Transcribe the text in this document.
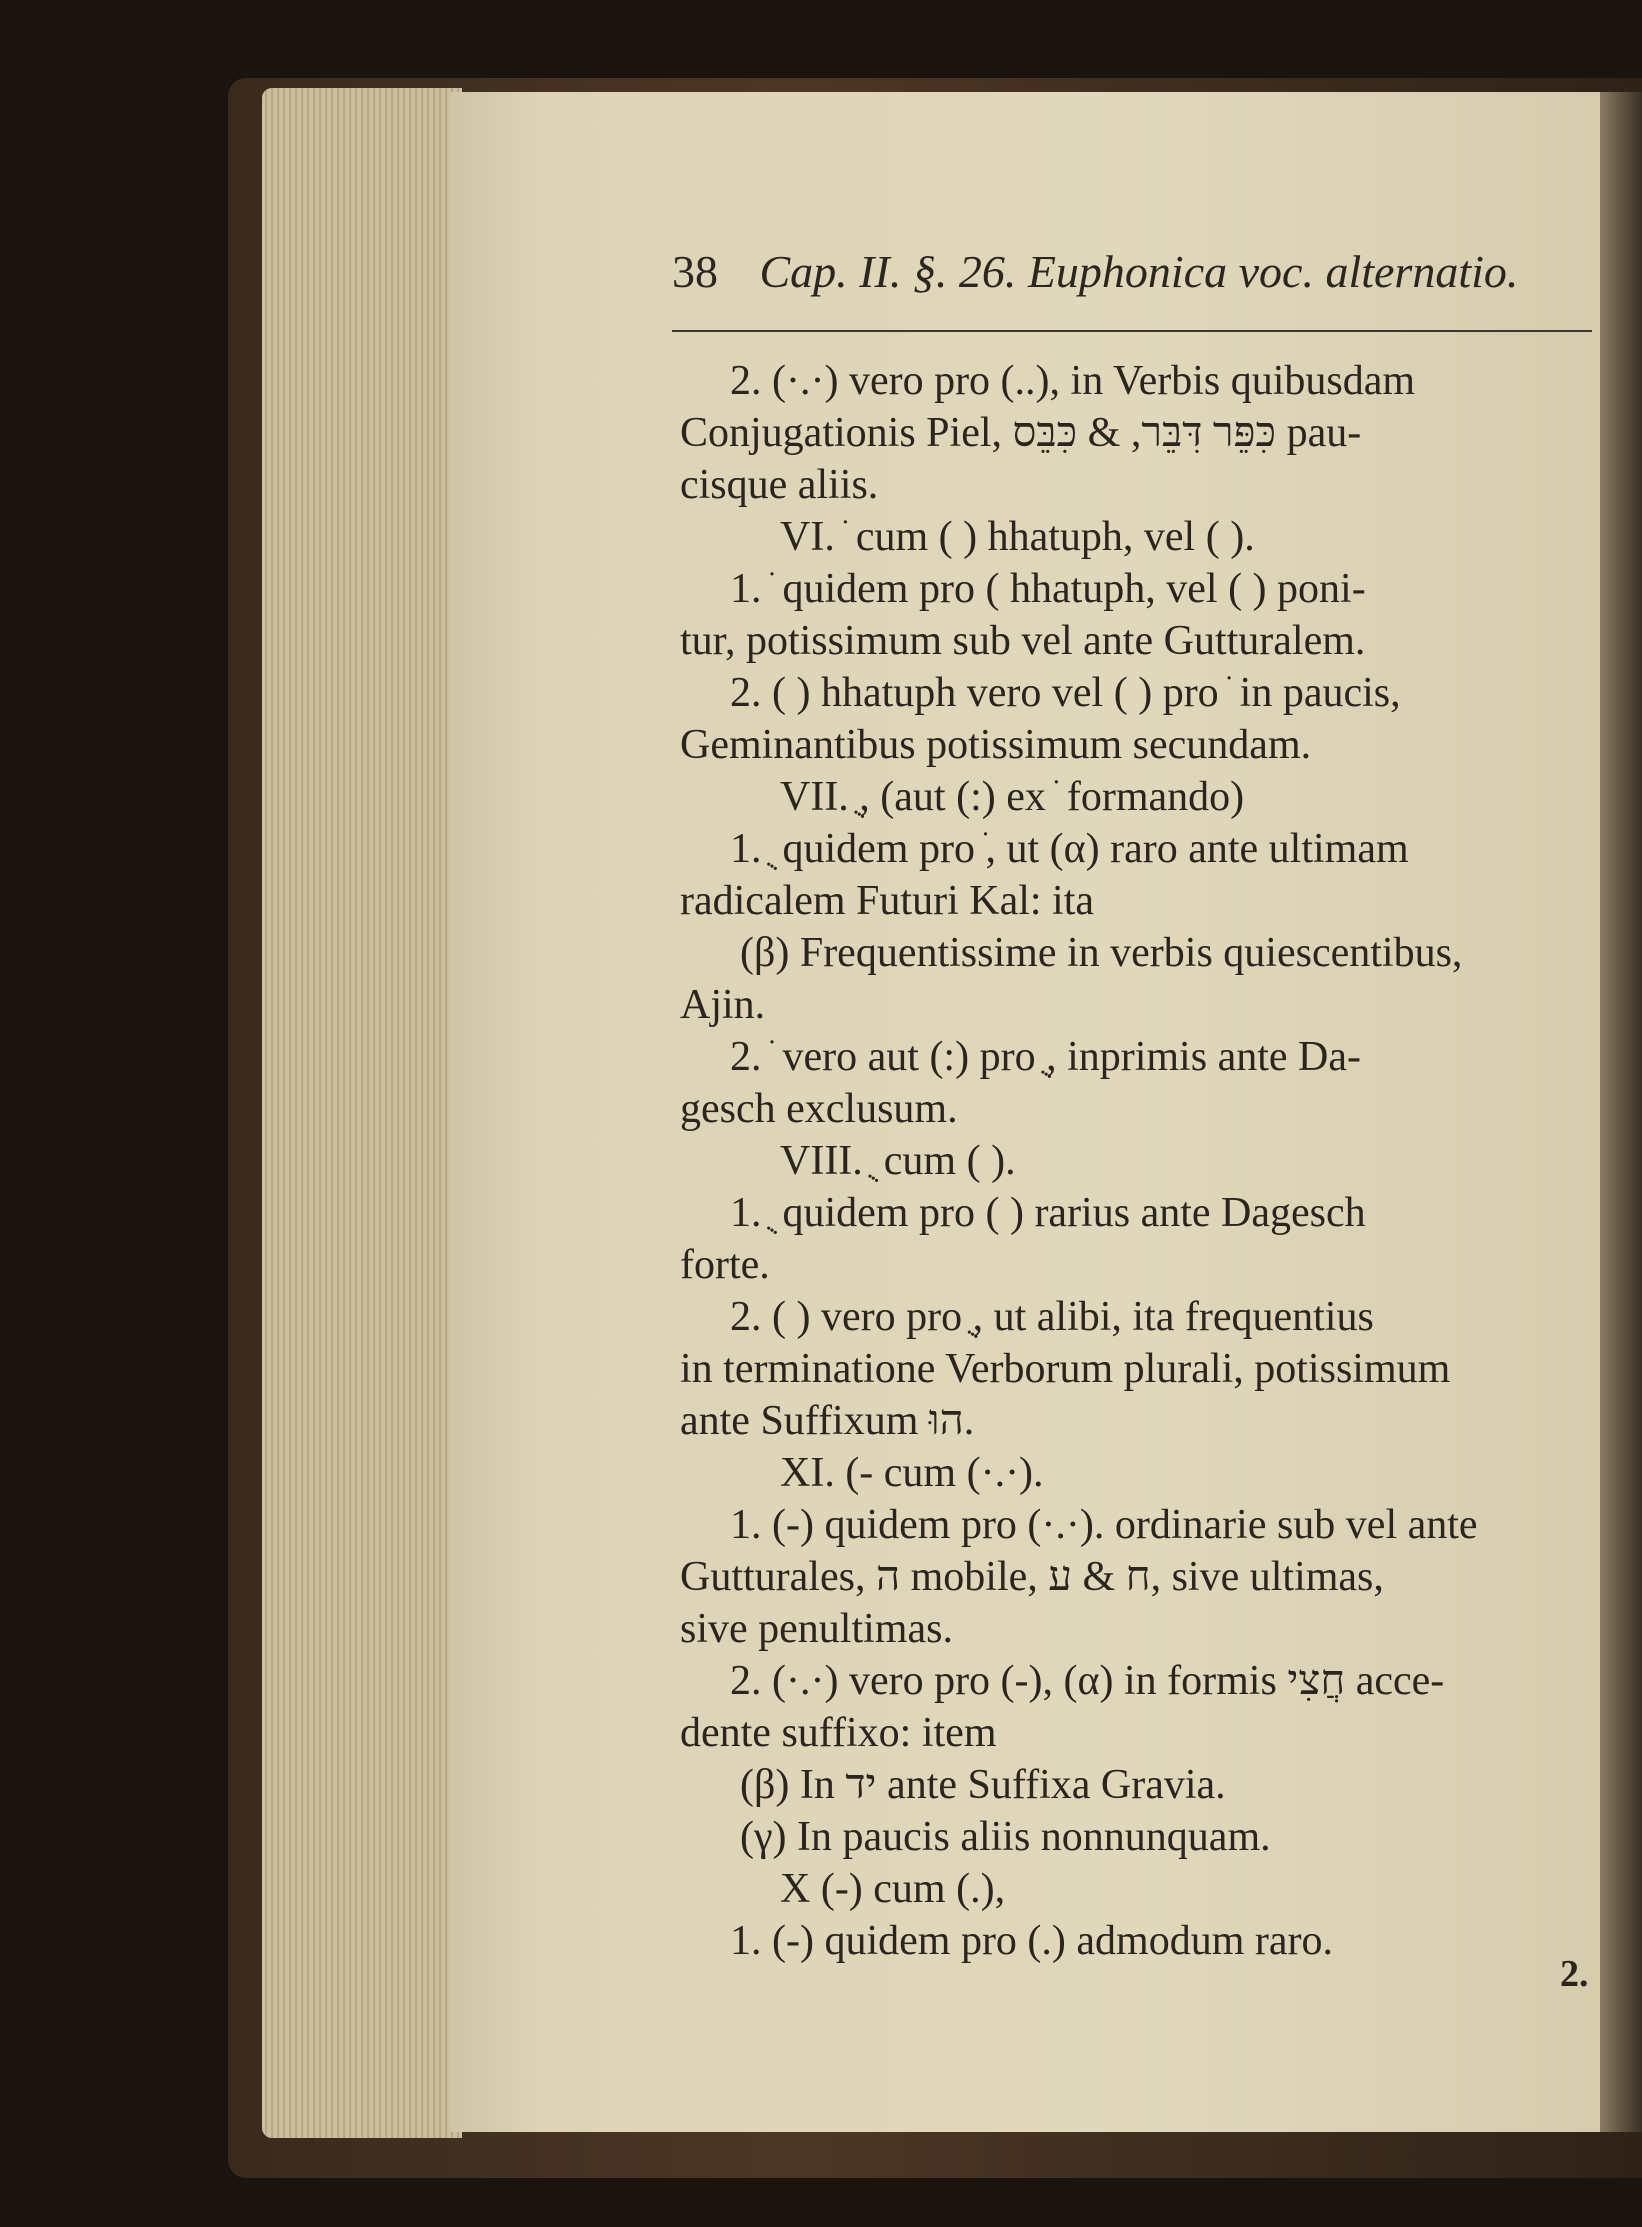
38 Cap. II. §. 26. Euphonica voc. alternatio.
2. (·.·) vero pro (..), in Verbis quibusdam
Conjugationis Piel, כִּפֵּר דִּבֵּר, & כִּבֵּס pau-
cisque aliis.
VI. ֹ cum ( ) hhatuph, vel ( ).
1. ֹ quidem pro ( hhatuph, vel ( ) poni-
tur, potissimum sub vel ante Gutturalem.
2. ( ) hhatuph vero vel ( ) pro ֹ in paucis,
Geminantibus potissimum secundam.
VII. ֻ, (aut (:) ex ֹ formando)
1. ֻ quidem pro ֹ, ut (α) raro ante ultimam
radicalem Futuri Kal: ita
(β) Frequentissime in verbis quiescentibus,
Ajin.
2. ֹ vero aut (:) pro ֻ, inprimis ante Da-
gesch exclusum.
VIII. ֻ cum ( ).
1. ֻ quidem pro ( ) rarius ante Dagesch
forte.
2. ( ) vero pro ֻ, ut alibi, ita frequentius
in terminatione Verborum plurali, potissimum
ante Suffixum הוּ.
XI. (- cum (·.·).
1. (-) quidem pro (·.·). ordinarie sub vel ante
Gutturales, ה mobile, ח & ע, sive ultimas,
sive penultimas.
2. (·.·) vero pro (-), (α) in formis חֲצִי acce-
dente suffixo: item
(β) In יד ante Suffixa Gravia.
(γ) In paucis aliis nonnunquam.
X (-) cum (.),
1. (-) quidem pro (.) admodum raro.
2.
